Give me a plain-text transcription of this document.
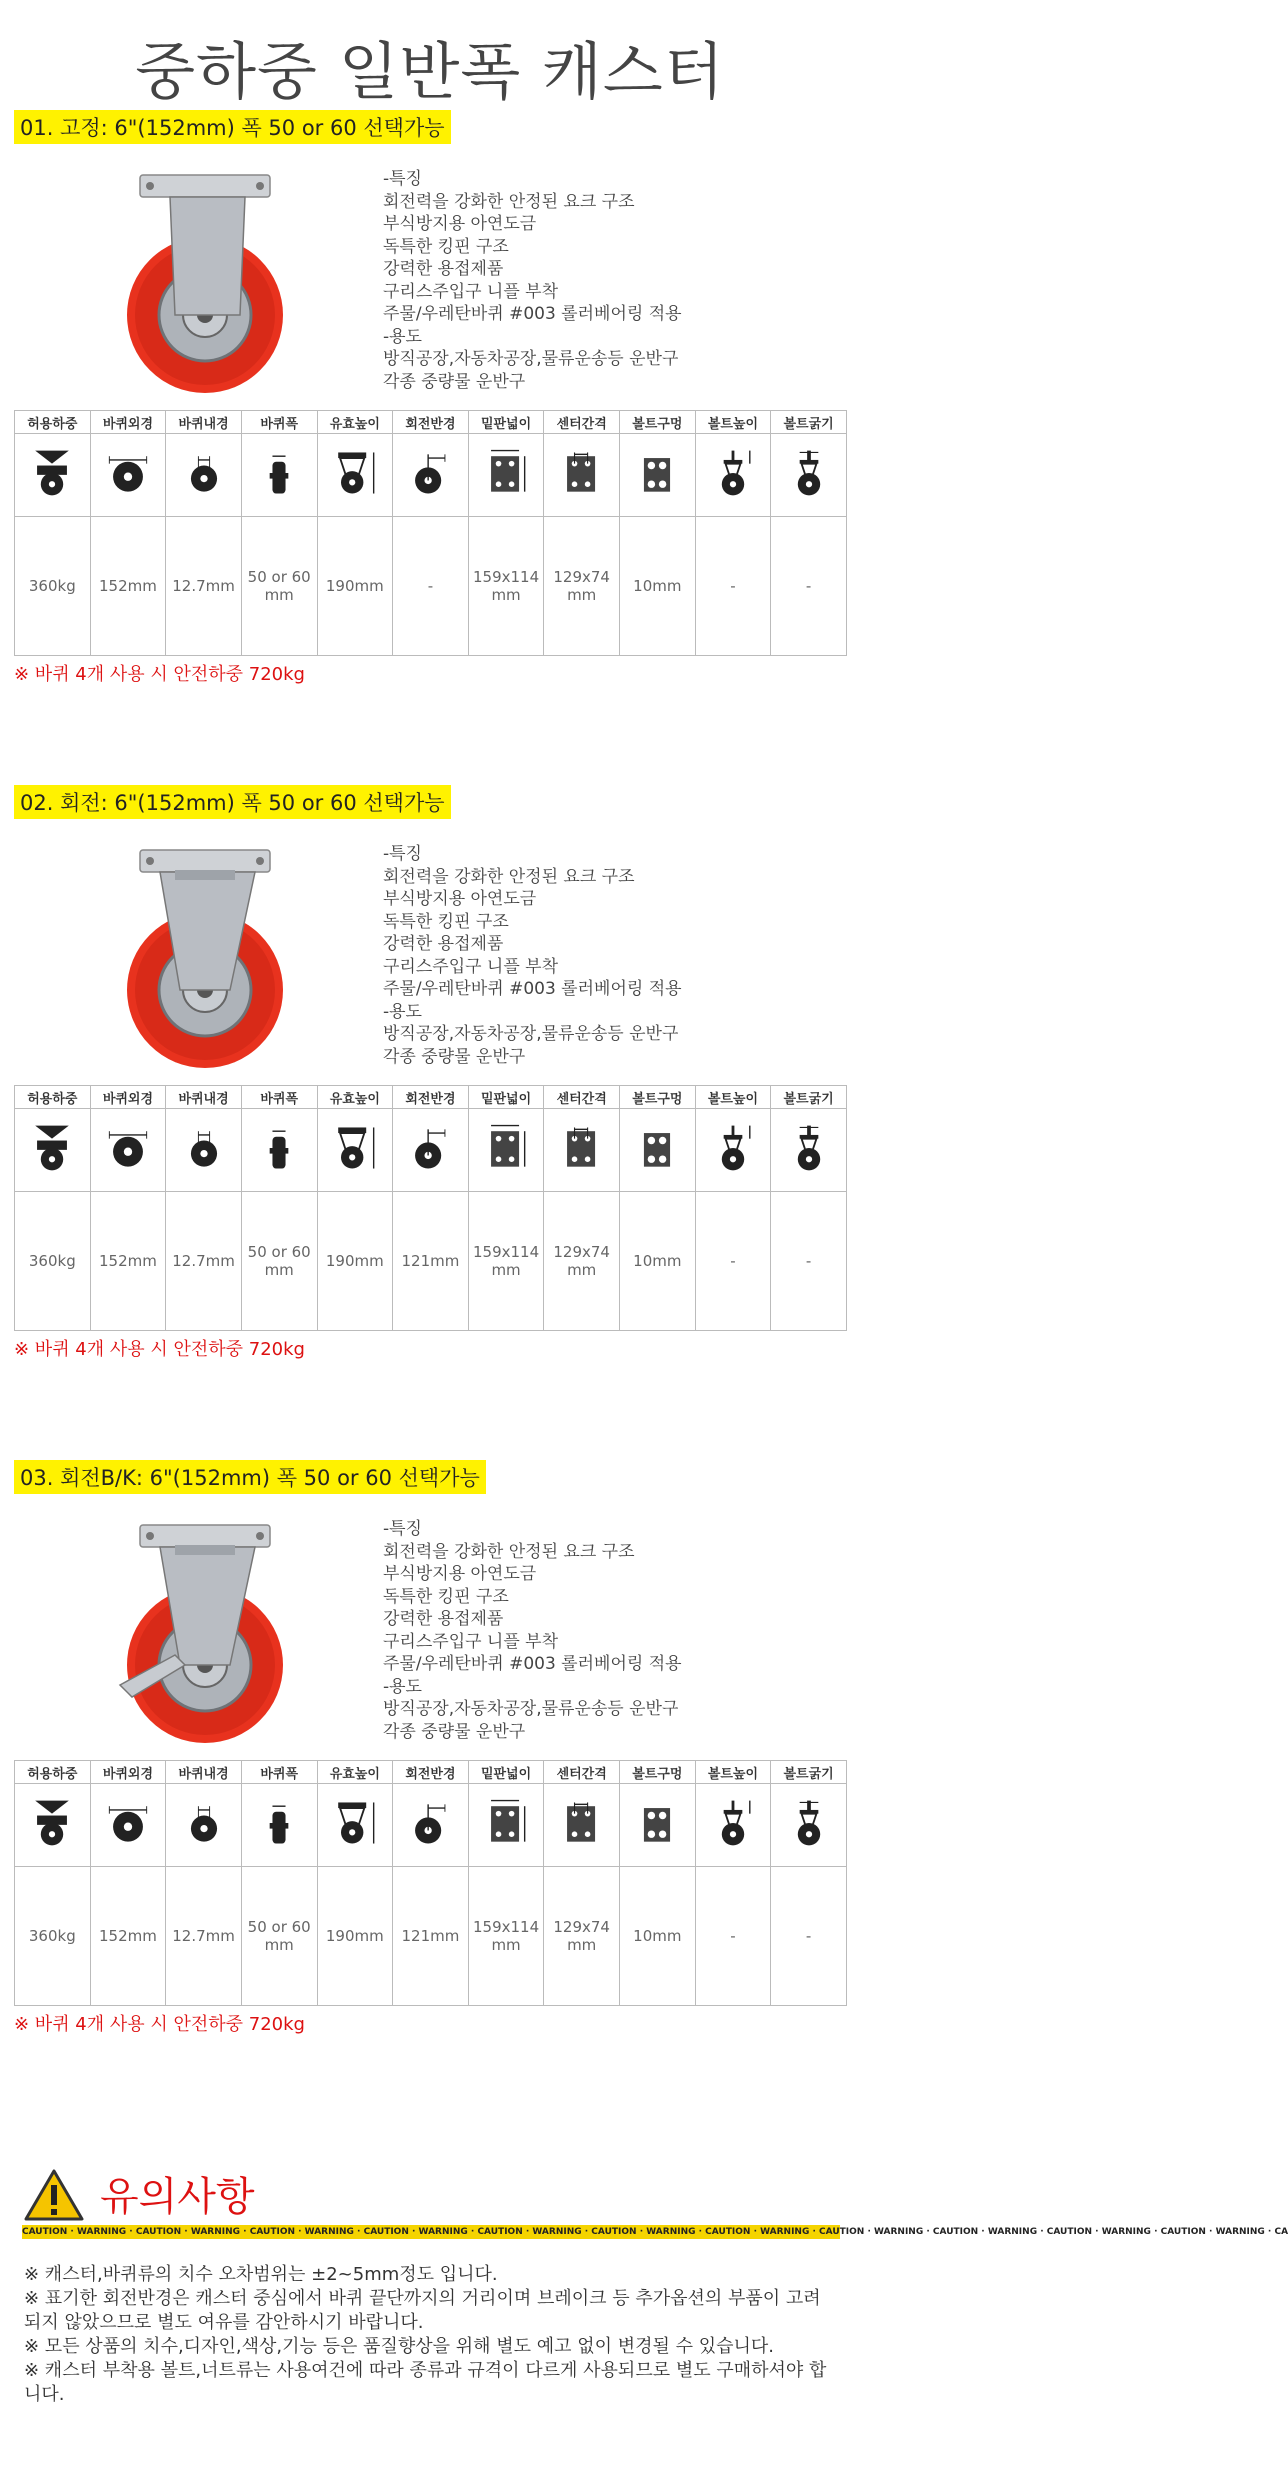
중하중 일반폭 캐스터
01. 고정: 6"(152mm) 폭 50 or 60 선택가능
-특징
회전력을 강화한 안정된 요크 구조
부식방지용 아연도금
독특한 킹핀 구조
강력한 용접제품
구리스주입구 니플 부착
주물/우레탄바퀴 #003 롤러베어링 적용
-용도
방직공장,자동차공장,물류운송등 운반구
각종 중량물 운반구
허용하중	바퀴외경	바퀴내경	바퀴폭	유효높이	회전반경	밑판넓이	센터간격	볼트구멍	볼트높이	볼트굵기

360kg	152mm	12.7mm	50 or 60 mm	190mm	-	159x114 mm	129x74 mm	10mm	-	-
※ 바퀴 4개 사용 시 안전하중 720kg
02. 회전: 6"(152mm) 폭 50 or 60 선택가능
-특징
회전력을 강화한 안정된 요크 구조
부식방지용 아연도금
독특한 킹핀 구조
강력한 용접제품
구리스주입구 니플 부착
주물/우레탄바퀴 #003 롤러베어링 적용
-용도
방직공장,자동차공장,물류운송등 운반구
각종 중량물 운반구
허용하중	바퀴외경	바퀴내경	바퀴폭	유효높이	회전반경	밑판넓이	센터간격	볼트구멍	볼트높이	볼트굵기

360kg	152mm	12.7mm	50 or 60 mm	190mm	121mm	159x114 mm	129x74 mm	10mm	-	-
※ 바퀴 4개 사용 시 안전하중 720kg
03. 회전B/K: 6"(152mm) 폭 50 or 60 선택가능
-특징
회전력을 강화한 안정된 요크 구조
부식방지용 아연도금
독특한 킹핀 구조
강력한 용접제품
구리스주입구 니플 부착
주물/우레탄바퀴 #003 롤러베어링 적용
-용도
방직공장,자동차공장,물류운송등 운반구
각종 중량물 운반구
허용하중	바퀴외경	바퀴내경	바퀴폭	유효높이	회전반경	밑판넓이	센터간격	볼트구멍	볼트높이	볼트굵기

360kg	152mm	12.7mm	50 or 60 mm	190mm	121mm	159x114 mm	129x74 mm	10mm	-	-
※ 바퀴 4개 사용 시 안전하중 720kg
유의사항
CAUTION · WARNING · CAUTION · WARNING · CAUTION · WARNING · CAUTION · WARNING · CAUTION · WARNING · CAUTION · WARNING · CAUTION · WARNING · CAUTION · WARNING · CAUTION · WARNING · CAUTION · WARNING · CAUTION · WARNING · CA
※ 캐스터,바퀴류의 치수 오차범위는 ±2~5mm정도 입니다.
※ 표기한 회전반경은 캐스터 중심에서 바퀴 끝단까지의 거리이며 브레이크 등 추가옵션의 부품이 고려되지 않았으므로 별도 여유를 감안하시기 바랍니다.
※ 모든 상품의 치수,디자인,색상,기능 등은 품질향상을 위해 별도 예고 없이 변경될 수 있습니다.
※ 캐스터 부착용 볼트,너트류는 사용여건에 따라 종류과 규격이 다르게 사용되므로 별도 구매하셔야 합니다.
